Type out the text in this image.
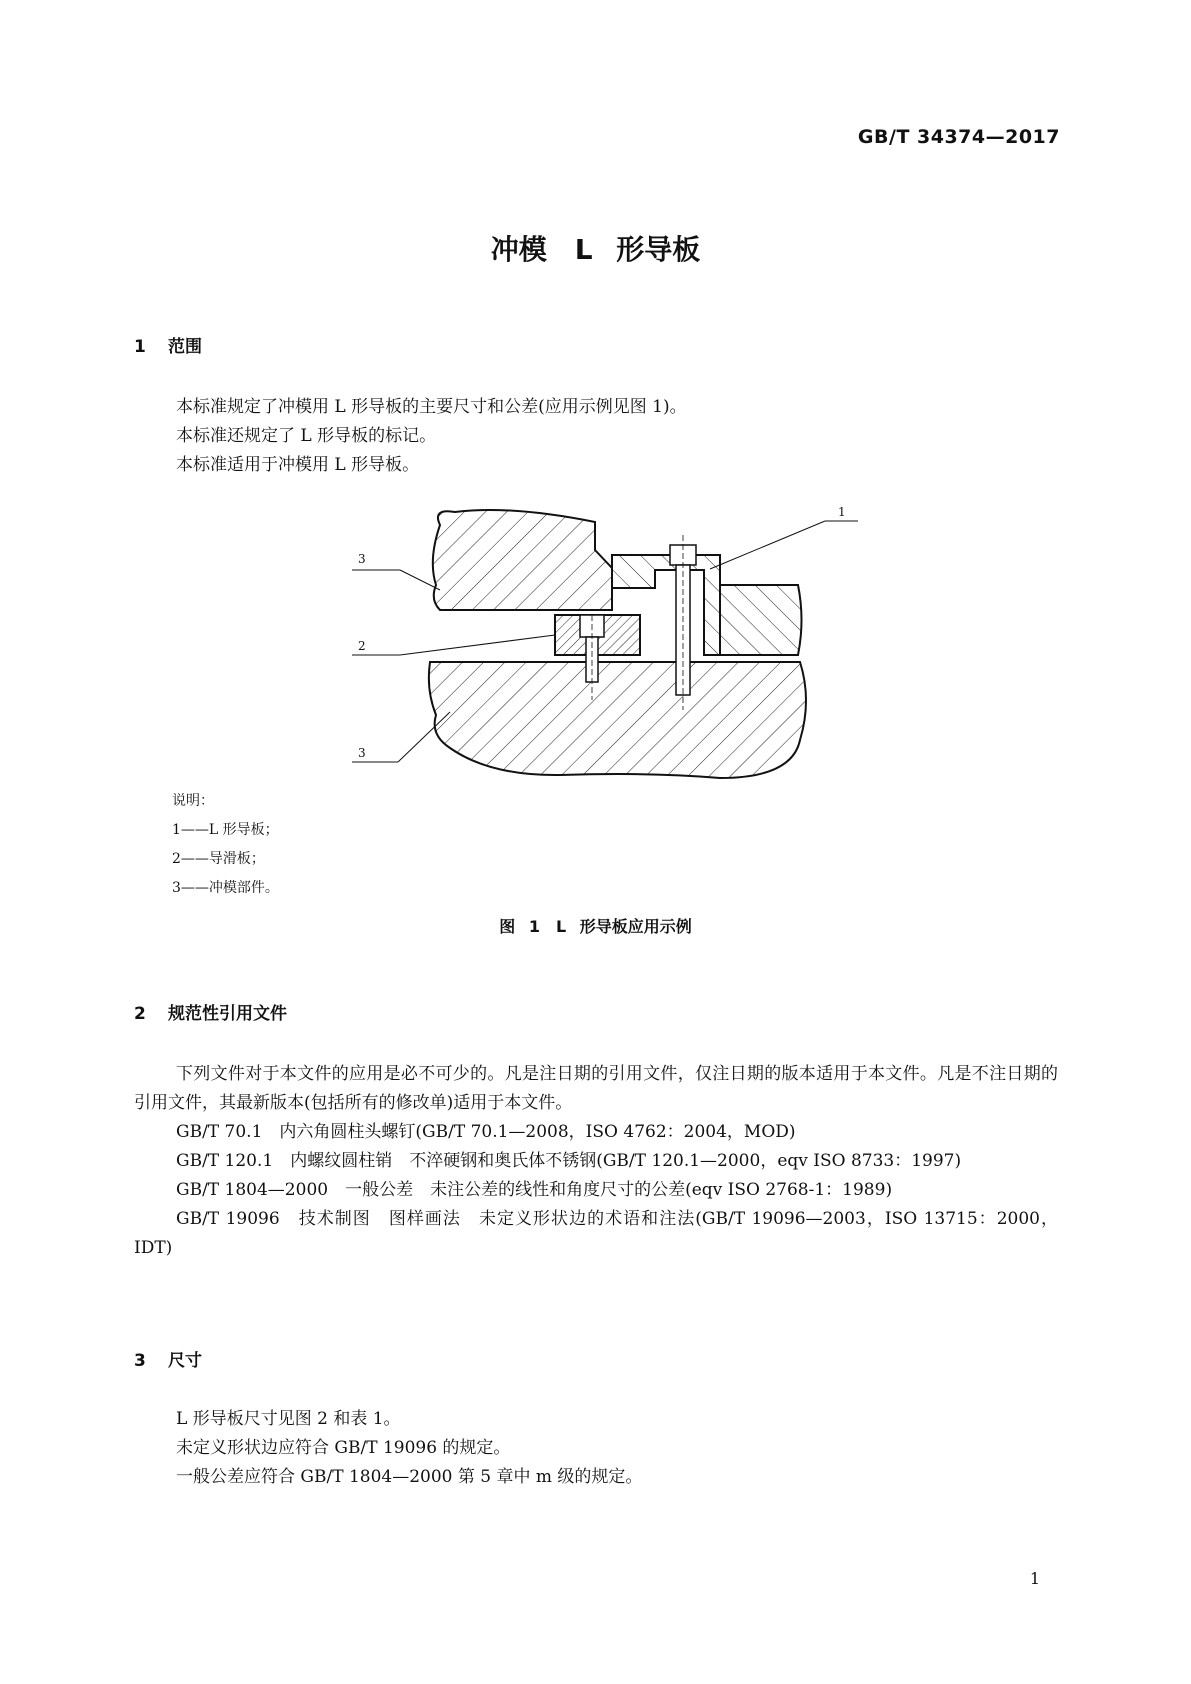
GB/T 34374—2017
冲模　L 形导板
1 范围

本标准规定了冲模用 L 形导板的主要尺寸和公差(应用示例见图 1)。

本标准还规定了 L 形导板的标记。

本标准适用于冲模用 L 形导板。

1
3
2
3
说明：
1——L 形导板；
2——导滑板；
3——冲模部件。
图 1　L 形导板应用示例
2 规范性引用文件

下列文件对于本文件的应用是必不可少的。凡是注日期的引用文件，仅注日期的版本适用于本文件。凡是不注日期的引用文件，其最新版本(包括所有的修改单)适用于本文件。

GB/T 70.1　内六角圆柱头螺钉(GB/T 70.1—2008，ISO 4762：2004，MOD)

GB/T 120.1　内螺纹圆柱销　不淬硬钢和奥氏体不锈钢(GB/T 120.1—2000，eqv ISO 8733：1997)

GB/T 1804—2000　一般公差　未注公差的线性和角度尺寸的公差(eqv ISO 2768-1：1989)

GB/T 19096　技术制图　图样画法　未定义形状边的术语和注法(GB/T 19096—2003，ISO 13715：2000，IDT)

3 尺寸

L 形导板尺寸见图 2 和表 1。

未定义形状边应符合 GB/T 19096 的规定。

一般公差应符合 GB/T 1804—2000 第 5 章中 m 级的规定。

1
